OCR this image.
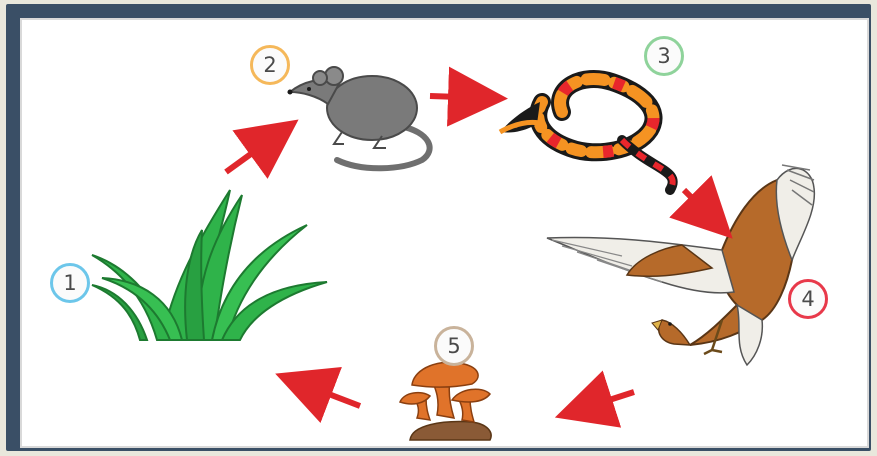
1
2	3
4
5
